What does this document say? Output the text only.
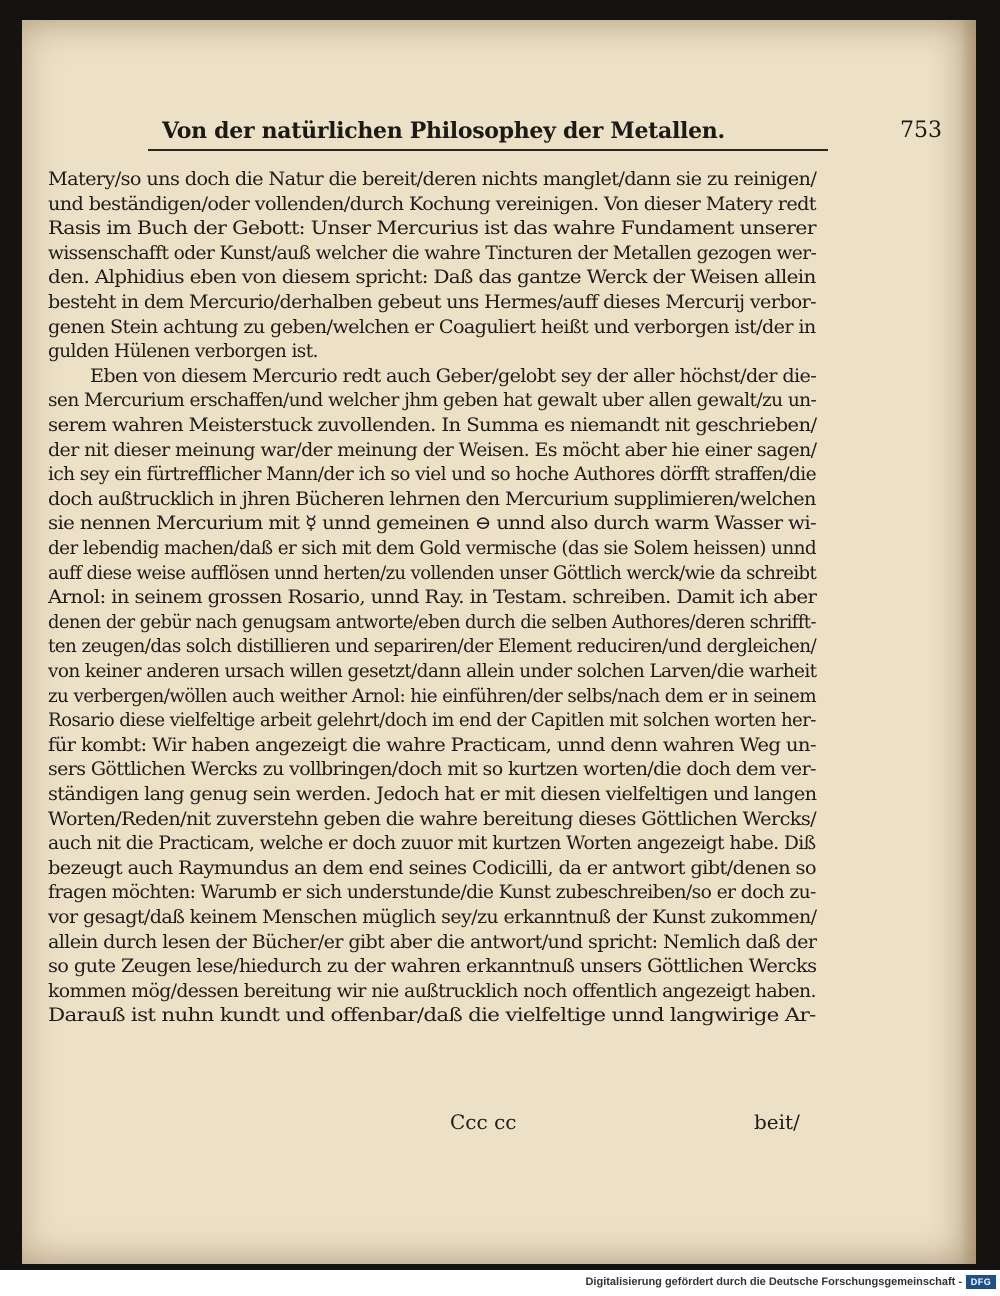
Von der natürlichen Philosophey der Metallen.	753
Matery/so uns doch die Natur die bereit/deren nichts manglet/dann sie zu reinigen/
und beständigen/oder vollenden/durch Kochung vereinigen. Von dieser Matery redt
Rasis im Buch der Gebott: Unser Mercurius ist das wahre Fundament unserer
wissenschafft oder Kunst/auß welcher die wahre Tincturen der Metallen gezogen wer-
den. Alphidius eben von diesem spricht: Daß das gantze Werck der Weisen allein
besteht in dem Mercurio/derhalben gebeut uns Hermes/auff dieses Mercurij verbor-
genen Stein achtung zu geben/welchen er Coaguliert heißt und verborgen ist/der in
gulden Hülenen verborgen ist.
Eben von diesem Mercurio redt auch Geber/gelobt sey der aller höchst/der die-
sen Mercurium erschaffen/und welcher jhm geben hat gewalt uber allen gewalt/zu un-
serem wahren Meisterstuck zuvollenden. In Summa es niemandt nit geschrieben/
der nit dieser meinung war/der meinung der Weisen. Es möcht aber hie einer sagen/
ich sey ein fürtrefflicher Mann/der ich so viel und so hoche Authores dörfft straffen/die
doch außtrucklich in jhren Bücheren lehrnen den Mercurium supplimieren/welchen
sie nennen Mercurium mit ☿ unnd gemeinen ⊖ unnd also durch warm Wasser wi-
der lebendig machen/daß er sich mit dem Gold vermische (das sie Solem heissen) unnd
auff diese weise aufflösen unnd herten/zu vollenden unser Göttlich werck/wie da schreibt
Arnol: in seinem grossen Rosario, unnd Ray. in Testam. schreiben. Damit ich aber
denen der gebür nach genugsam antworte/eben durch die selben Authores/deren schrifft-
ten zeugen/das solch distillieren und separiren/der Element reduciren/und dergleichen/
von keiner anderen ursach willen gesetzt/dann allein under solchen Larven/die warheit
zu verbergen/wöllen auch weither Arnol: hie einführen/der selbs/nach dem er in seinem
Rosario diese vielfeltige arbeit gelehrt/doch im end der Capitlen mit solchen worten her-
für kombt: Wir haben angezeigt die wahre Practicam, unnd denn wahren Weg un-
sers Göttlichen Wercks zu vollbringen/doch mit so kurtzen worten/die doch dem ver-
ständigen lang genug sein werden. Jedoch hat er mit diesen vielfeltigen und langen
Worten/Reden/nit zuverstehn geben die wahre bereitung dieses Göttlichen Wercks/
auch nit die Practicam, welche er doch zuuor mit kurtzen Worten angezeigt habe. Diß
bezeugt auch Raymundus an dem end seines Codicilli, da er antwort gibt/denen so
fragen möchten: Warumb er sich understunde/die Kunst zubeschreiben/so er doch zu-
vor gesagt/daß keinem Menschen müglich sey/zu erkanntnuß der Kunst zukommen/
allein durch lesen der Bücher/er gibt aber die antwort/und spricht: Nemlich daß der
so gute Zeugen lese/hiedurch zu der wahren erkanntnuß unsers Göttlichen Wercks
kommen mög/dessen bereitung wir nie außtrucklich noch offentlich angezeigt haben.
Darauß ist nuhn kundt und offenbar/daß die vielfeltige unnd langwirige Ar-
Ccc cc	beit/
Digitalisierung gefördert durch die Deutsche Forschungsgemeinschaft - DFG
